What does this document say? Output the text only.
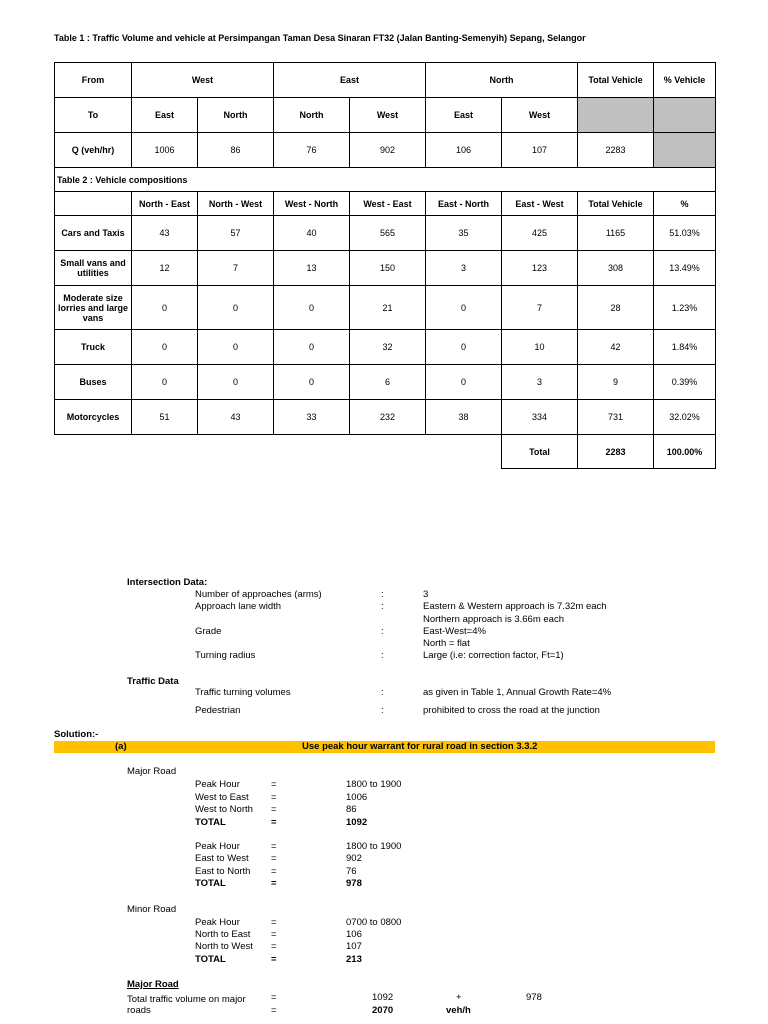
Table 1 : Traffic Volume and vehicle at Persimpangan Taman Desa Sinaran FT32 (Jalan Banting-Semenyih) Sepang, Selangor
From	West		East		North		Total Vehicle	% Vehicle
To	East	North	North	West	East	West		
Q (veh/hr)	1006	86	76	902	106	107	2283	
Table 2 : Vehicle compositions								
	North - East	North - West	West - North	West - East	East - North	East - West	Total Vehicle	%
Cars and Taxis	43	57	40	565	35	425	1165	51.03%
Small vans and utilities	12	7	13	150	3	123	308	13.49%
Moderate size lorries and large vans	0	0	0	21	0	7	28	1.23%
Truck	0	0	0	32	0	10	42	1.84%
Buses	0	0	0	6	0	3	9	0.39%
Motorcycles	51	43	33	232	38	334	731	32.02%
						Total	2283	100.00%
Intersection Data:
Number of approaches (arms)	:	3
Approach lane width	:	Eastern & Western approach is 7.32m each
Northern approach is 3.66m each
Grade	:	East-West=4%
North = flat
Turning radius	:	Large (i.e: correction factor, Ft=1)
Traffic Data
Traffic turning volumes	:	as given in Table 1, Annual Growth Rate=4%
Pedestrian	:	prohibited to cross the road at the junction
Solution:-
(a)	Use peak hour warrant for rural road in section 3.3.2
Major Road
Peak Hour	=	1800 to 1900
West to East =	1006
West to North =	86
TOTAL	=	1092
Peak Hour	=	1800 to 1900
East to West =	902
East to North =	76
TOTAL	=	978
Minor Road
Peak Hour	=	0700 to 0800
North to East =	106
North to West =	107
TOTAL	=	213
Major Road
Total traffic volume on major
roads
=	1092	+	978
=	2070	veh/h
